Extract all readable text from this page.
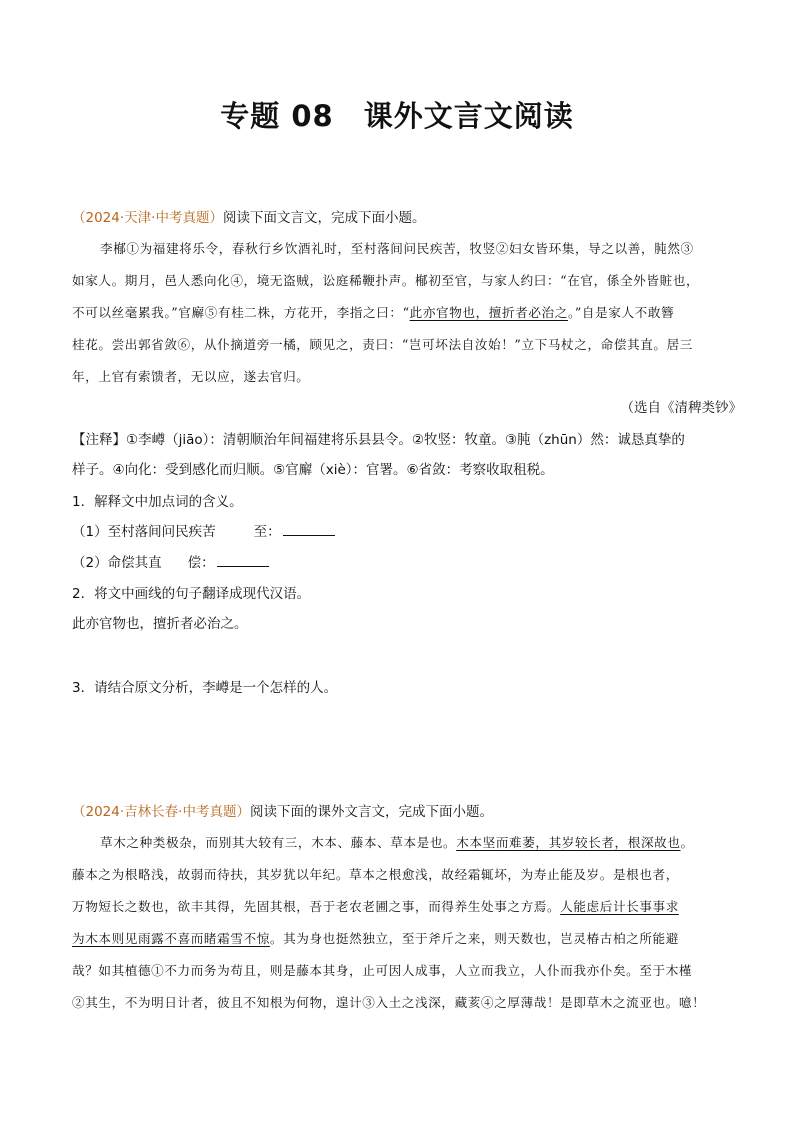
专题 08 课外文言文阅读
（2024·天津·中考真题）阅读下面文言文，完成下面小题。
李㮋①为福建将乐令，春秋行乡饮酒礼时，至村落间问民疾苦，牧竖②妇女皆环集，导之以善，肫然③
如家人。期月，邑人悉向化④，境无盗贼，讼庭稀鞭扑声。㮋初至官，与家人约曰：“在官，係全外皆賍也，
不可以丝毫累我。”官廨⑤有桂二株，方花开，李指之曰：“此亦官物也，擅折者必治之。”自是家人不敢簪
桂花。尝出郭省敛⑥，从仆摘道旁一橘，顾见之，责曰：“岂可坏法自汝始！”立下马杖之，命偿其直。居三
年，上官有索馈者，无以应，遂去官归。
（选自《清稗类钞》
【注释】①李嶟（jiāo）：清朝顺治年间福建将乐县县令。②牧竖：牧童。③肫（zhūn）然：诚恳真挚的
样子。④向化：受到感化而归顺。⑤官廨（xiè）：官署。⑥省敛：考察收取租税。
1．解释文中加点词的含义。
（1）至村落间问民疾苦	至：
（2）命偿其直 偿：
2．将文中画线的句子翻译成现代汉语。
此亦官物也，擅折者必治之。
3．请结合原文分析，李嶟是一个怎样的人。
（2024·吉林长春·中考真题）阅读下面的课外文言文，完成下面小题。
草木之种类极杂，而别其大较有三，木本、藤本、草本是也。木本坚而难萎，其岁较长者，根深故也。
藤本之为根略浅，故弱而待扶，其岁犹以年纪。草本之根愈浅，故经霜辄坏，为寿止能及岁。是根也者，
万物短长之数也，欲丰其得，先固其根，吾于老农老圃之事，而得养生处事之方焉。人能虑后计长事事求
为木本则见雨露不喜而睹霜雪不惊。其为身也挺然独立，至于斧斤之来，则天数也，岂灵椿古柏之所能避
哉？如其植德①不力而务为苟且，则是藤本其身，止可因人成事，人立而我立，人仆而我亦仆矣。至于木槿
②其生，不为明日计者，彼且不知根为何物，遑计③入土之浅深，藏荄④之厚薄哉！是即草木之流亚也。噫！
